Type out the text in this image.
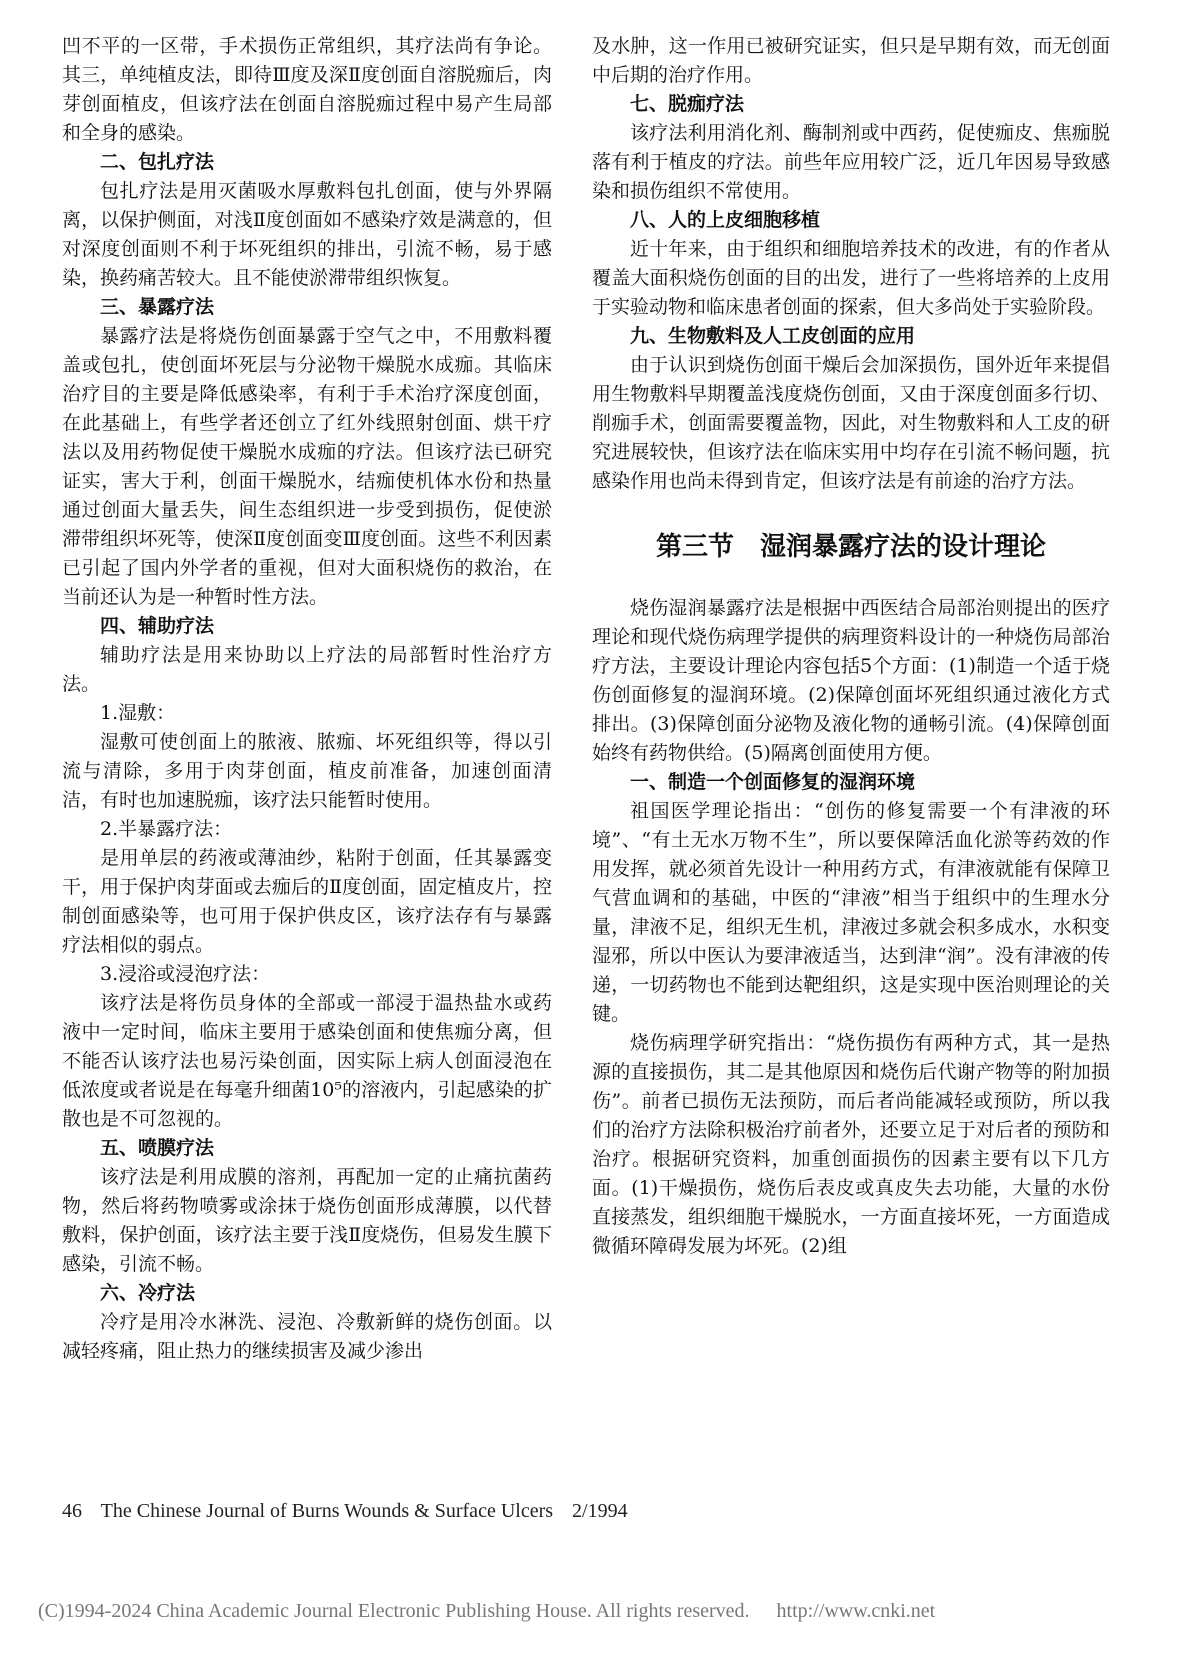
凹不平的一区带，手术损伤正常组织，其疗法尚有争论。其三，单纯植皮法，即待Ⅲ度及深Ⅱ度创面自溶脱痂后，肉芽创面植皮，但该疗法在创面自溶脱痂过程中易产生局部和全身的感染。

二、包扎疗法

包扎疗法是用灭菌吸水厚敷料包扎创面，使与外界隔离，以保护侧面，对浅Ⅱ度创面如不感染疗效是满意的，但对深度创面则不利于坏死组织的排出，引流不畅，易于感染，换药痛苦较大。且不能使淤滞带组织恢复。

三、暴露疗法

暴露疗法是将烧伤创面暴露于空气之中，不用敷料覆盖或包扎，使创面坏死层与分泌物干燥脱水成痂。其临床治疗目的主要是降低感染率，有利于手术治疗深度创面，在此基础上，有些学者还创立了红外线照射创面、烘干疗法以及用药物促使干燥脱水成痂的疗法。但该疗法已研究证实，害大于利，创面干燥脱水，结痂使机体水份和热量通过创面大量丢失，间生态组织进一步受到损伤，促使淤滞带组织坏死等，使深Ⅱ度创面变Ⅲ度创面。这些不利因素已引起了国内外学者的重视，但对大面积烧伤的救治，在当前还认为是一种暂时性方法。

四、辅助疗法

辅助疗法是用来协助以上疗法的局部暂时性治疗方法。

1.湿敷：

湿敷可使创面上的脓液、脓痂、坏死组织等，得以引流与清除，多用于肉芽创面，植皮前准备，加速创面清洁，有时也加速脱痂，该疗法只能暂时使用。

2.半暴露疗法：

是用单层的药液或薄油纱，粘附于创面，任其暴露变干，用于保护肉芽面或去痂后的Ⅱ度创面，固定植皮片，控制创面感染等，也可用于保护供皮区，该疗法存有与暴露疗法相似的弱点。

3.浸浴或浸泡疗法：

该疗法是将伤员身体的全部或一部浸于温热盐水或药液中一定时间，临床主要用于感染创面和使焦痂分离，但不能否认该疗法也易污染创面，因实际上病人创面浸泡在低浓度或者说是在每毫升细菌10⁵的溶液内，引起感染的扩散也是不可忽视的。

五、喷膜疗法

该疗法是利用成膜的溶剂，再配加一定的止痛抗菌药物，然后将药物喷雾或涂抹于烧伤创面形成薄膜，以代替敷料，保护创面，该疗法主要于浅Ⅱ度烧伤，但易发生膜下感染，引流不畅。

六、冷疗法

冷疗是用冷水淋洗、浸泡、冷敷新鲜的烧伤创面。以减轻疼痛，阻止热力的继续损害及减少渗出

及水肿，这一作用已被研究证实，但只是早期有效，而无创面中后期的治疗作用。

七、脱痂疗法

该疗法利用消化剂、酶制剂或中西药，促使痂皮、焦痂脱落有利于植皮的疗法。前些年应用较广泛，近几年因易导致感染和损伤组织不常使用。

八、人的上皮细胞移植

近十年来，由于组织和细胞培养技术的改进，有的作者从覆盖大面积烧伤创面的目的出发，进行了一些将培养的上皮用于实验动物和临床患者创面的探索，但大多尚处于实验阶段。

九、生物敷料及人工皮创面的应用

由于认识到烧伤创面干燥后会加深损伤，国外近年来提倡用生物敷料早期覆盖浅度烧伤创面，又由于深度创面多行切、削痂手术，创面需要覆盖物，因此，对生物敷料和人工皮的研究进展较快，但该疗法在临床实用中均存在引流不畅问题，抗感染作用也尚未得到肯定，但该疗法是有前途的治疗方法。

第三节 湿润暴露疗法的设计理论

烧伤湿润暴露疗法是根据中西医结合局部治则提出的医疗理论和现代烧伤病理学提供的病理资料设计的一种烧伤局部治疗方法，主要设计理论内容包括5个方面：(1)制造一个适于烧伤创面修复的湿润环境。(2)保障创面坏死组织通过液化方式排出。(3)保障创面分泌物及液化物的通畅引流。(4)保障创面始终有药物供给。(5)隔离创面使用方便。

一、制造一个创面修复的湿润环境

祖国医学理论指出：“创伤的修复需要一个有津液的环境”、“有土无水万物不生”，所以要保障活血化淤等药效的作用发挥，就必须首先设计一种用药方式，有津液就能有保障卫气营血调和的基础，中医的“津液”相当于组织中的生理水分量，津液不足，组织无生机，津液过多就会积多成水，水积变湿邪，所以中医认为要津液适当，达到津“润”。没有津液的传递，一切药物也不能到达靶组织，这是实现中医治则理论的关键。

烧伤病理学研究指出：“烧伤损伤有两种方式，其一是热源的直接损伤，其二是其他原因和烧伤后代谢产物等的附加损伤”。前者已损伤无法预防，而后者尚能减轻或预防，所以我们的治疗方法除积极治疗前者外，还要立足于对后者的预防和治疗。根据研究资料，加重创面损伤的因素主要有以下几方面。(1)干燥损伤，烧伤后表皮或真皮失去功能，大量的水份直接蒸发，组织细胞干燥脱水，一方面直接坏死，一方面造成微循环障碍发展为坏死。(2)组

46 The Chinese Journal of Burns Wounds & Surface Ulcers 2/1994
(C)1994-2024 China Academic Journal Electronic Publishing House. All rights reserved. http://www.cnki.net
